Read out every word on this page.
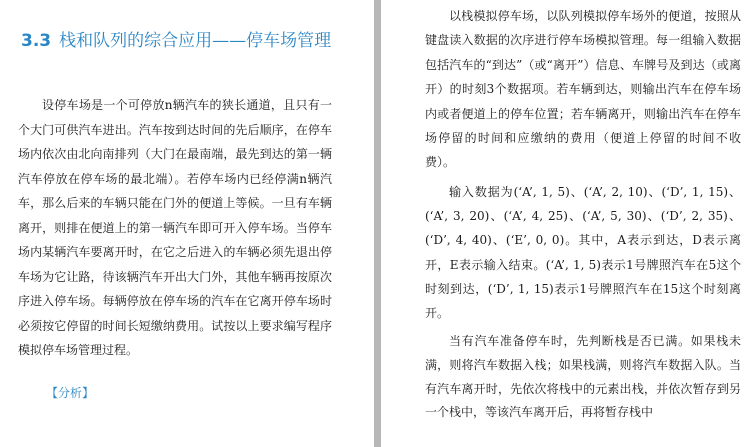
3.3 栈和队列的综合应用——停车场管理

设停车场是一个可停放n辆汽车的狭长通道，且只有一个大门可供汽车进出。汽车按到达时间的先后顺序，在停车场内依次由北向南排列（大门在最南端，最先到达的第一辆汽车停放在停车场的最北端）。若停车场内已经停满n辆汽车，那么后来的车辆只能在门外的便道上等候。一旦有车辆离开，则排在便道上的第一辆汽车即可开入停车场。当停车场内某辆汽车要离开时，在它之后进入的车辆必须先退出停车场为它让路，待该辆汽车开出大门外，其他车辆再按原次序进入停车场。每辆停放在停车场的汽车在它离开停车场时必须按它停留的时间长短缴纳费用。试按以上要求编写程序模拟停车场管理过程。

【分析】

以栈模拟停车场，以队列模拟停车场外的便道，按照从键盘读入数据的次序进行停车场模拟管理。每一组输入数据包括汽车的“到达”（或“离开”）信息、车牌号及到达（或离开）的时刻3个数据项。若车辆到达，则输出汽车在停车场内或者便道上的停车位置；若车辆离开，则输出汽车在停车场停留的时间和应缴纳的费用（便道上停留的时间不收费）。

输入数据为(‘A’, 1, 5)、(‘A’, 2, 10)、(‘D’, 1, 15)、(‘A’, 3, 20)、(‘A’, 4, 25)、(‘A’, 5, 30)、(‘D’, 2, 35)、(‘D’, 4, 40)、(‘E’, 0, 0)。其中，A表示到达，D表示离开，E表示输入结束。(‘A’, 1, 5)表示1号牌照汽车在5这个时刻到达，(‘D’, 1, 15)表示1号牌照汽车在15这个时刻离开。

当有汽车准备停车时，先判断栈是否已满。如果栈未满，则将汽车数据入栈；如果栈满，则将汽车数据入队。当有汽车离开时，先依次将栈中的元素出栈，并依次暂存到另一个栈中，等该汽车离开后，再将暂存栈中
